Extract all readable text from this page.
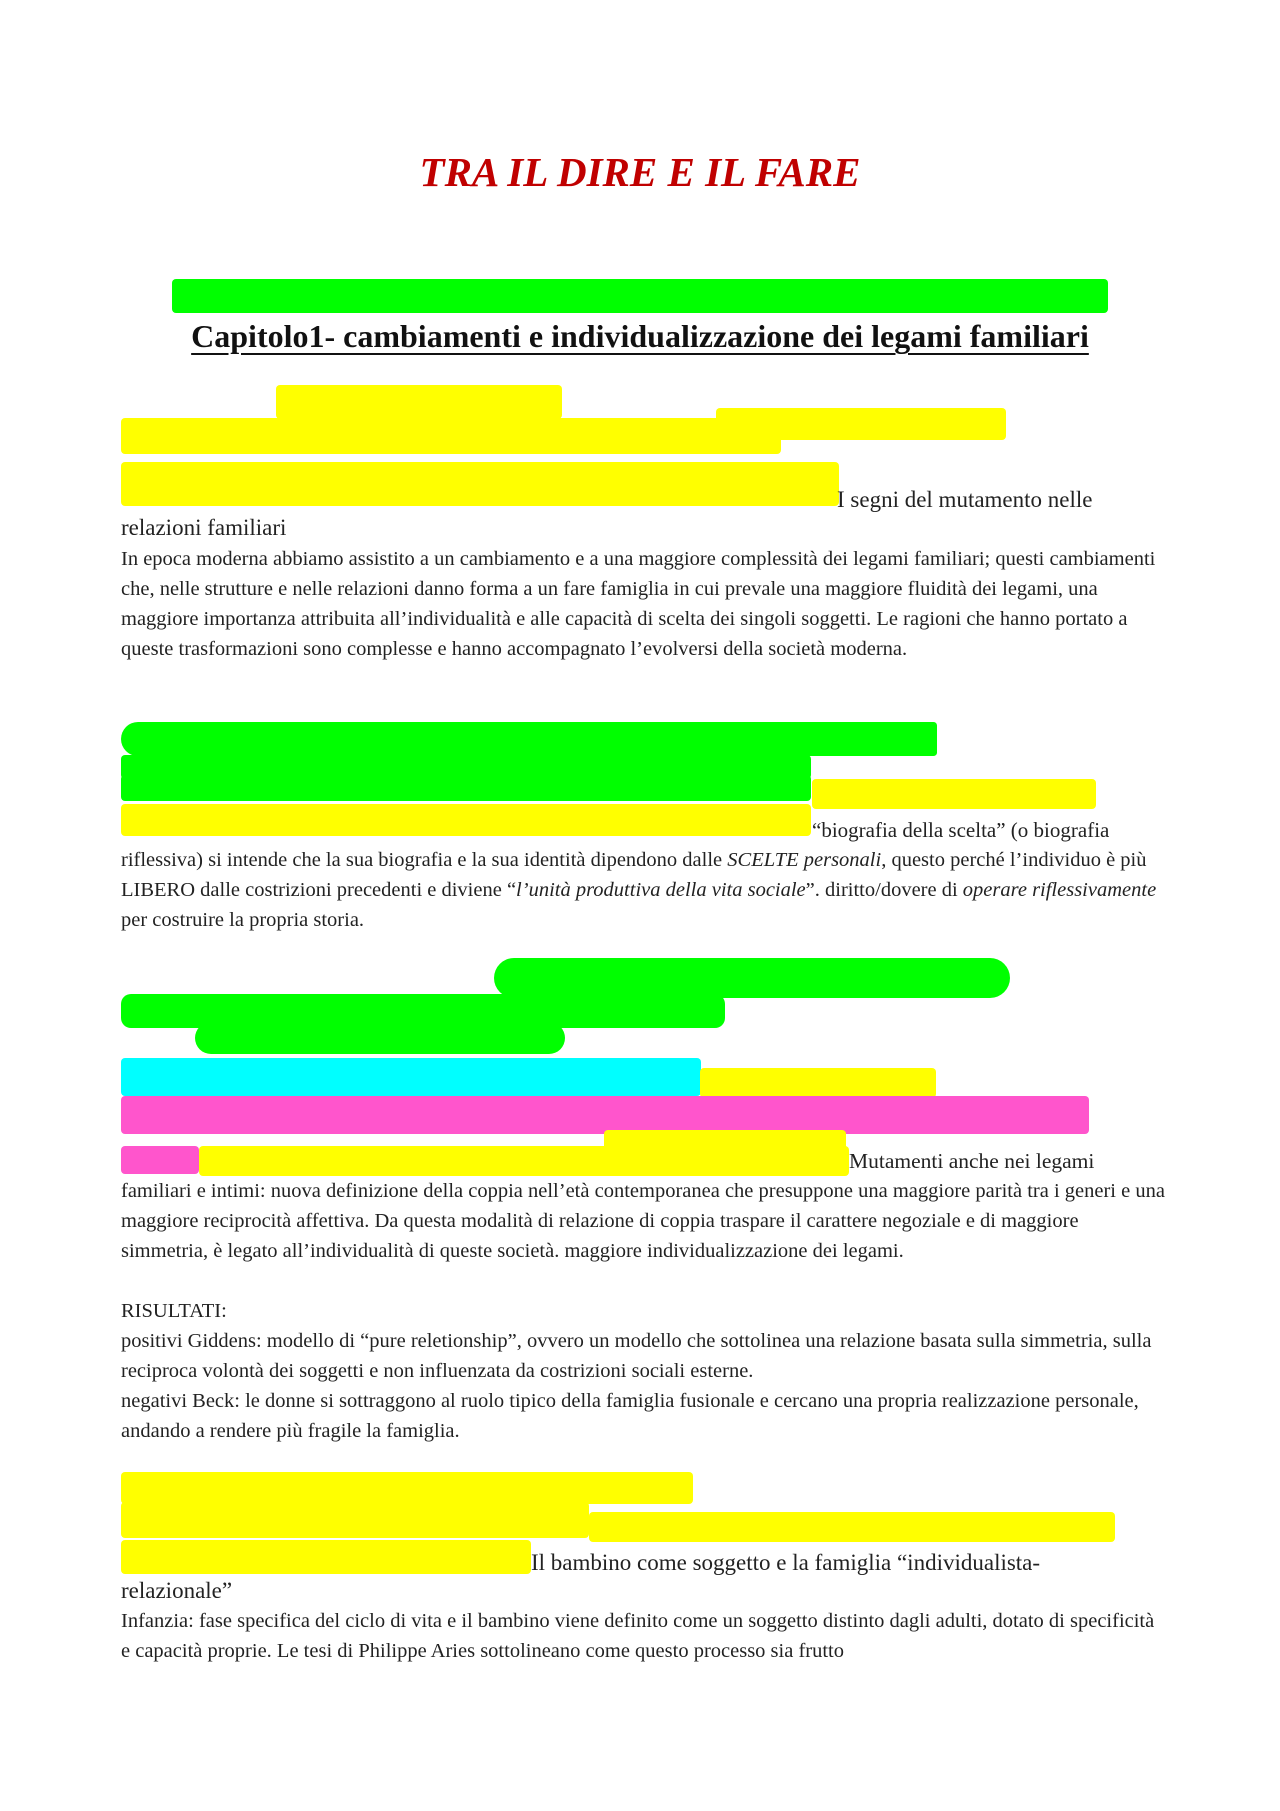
TRA IL DIRE E IL FARE
Capitolo1- cambiamenti e individualizzazione dei legami familiari
I segni del mutamento nelle
relazioni familiari

In epoca moderna abbiamo assistito a un cambiamento e a una maggiore complessità dei legami familiari; questi cambiamenti che, nelle strutture e nelle relazioni danno forma a un fare famiglia in cui prevale una maggiore fluidità dei legami, una maggiore importanza attribuita all’individualità e alle capacità di scelta dei singoli soggetti. Le ragioni che hanno portato a queste trasformazioni sono complesse e hanno accompagnato l’evolversi della società moderna.

“biografia della scelta” (o biografia

riflessiva) si intende che la sua biografia e la sua identità dipendono dalle SCELTE personali, questo perché l’individuo è più LIBERO dalle costrizioni precedenti e diviene “l’unità produttiva della vita sociale”. diritto/dovere di operare riflessivamente per costruire la propria storia.

Mutamenti anche nei legami

familiari e intimi: nuova definizione della coppia nell’età contemporanea che presuppone una maggiore parità tra i generi e una maggiore reciprocità affettiva. Da questa modalità di relazione di coppia traspare il carattere negoziale e di maggiore simmetria, è legato all’individualità di queste società. maggiore individualizzazione dei legami.

RISULTATI:

positivi Giddens: modello di “pure reletionship”, ovvero un modello che sottolinea una relazione basata sulla simmetria, sulla reciproca volontà dei soggetti e non influenzata da costrizioni sociali esterne.

negativi Beck: le donne si sottraggono al ruolo tipico della famiglia fusionale e cercano una propria realizzazione personale, andando a rendere più fragile la famiglia.

Il bambino come soggetto e la famiglia “individualista-
relazionale”

Infanzia: fase specifica del ciclo di vita e il bambino viene definito come un soggetto distinto dagli adulti, dotato di specificità e capacità proprie. Le tesi di Philippe Aries sottolineano come questo processo sia frutto
